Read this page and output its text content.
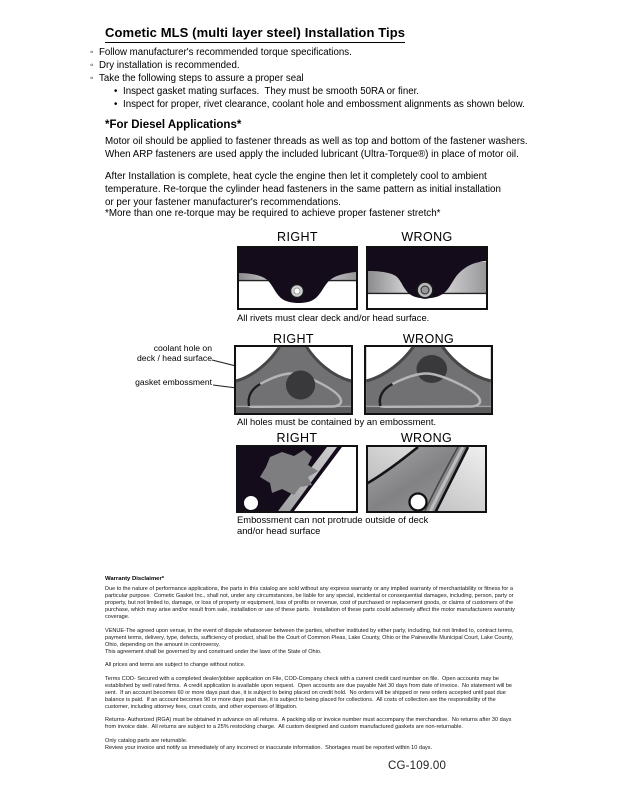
Cometic MLS (multi layer steel) Installation Tips
◦ Follow manufacturer's recommended torque specifications.
◦ Dry installation is recommended.
◦ Take the following steps to assure a proper seal
• Inspect gasket mating surfaces.  They must be smooth 50RA or finer.
• Inspect for proper, rivet clearance, coolant hole and embossment alignments as shown below.
*For Diesel Applications*
Motor oil should be applied to fastener threads as well as top and bottom of the fastener washers.
When ARP fasteners are used apply the included lubricant (Ultra-Torque®) in place of motor oil.
After Installation is complete, heat cycle the engine then let it completely cool to ambient
temperature. Re-torque the cylinder head fasteners in the same pattern as initial installation
or per your fastener manufacturer's recommendations.
*More than one re-torque may be required to achieve proper fastener stretch*
RIGHT	WRONG
All rivets must clear deck and/or head surface.
RIGHT	WRONG
coolant hole on
deck / head surface
gasket embossment
All holes must be contained by an embossment.
RIGHT	WRONG
Embossment can not protrude outside of deck
and/or head surface
Warranty Disclaimer*

Due to the nature of performance applications, the parts in this catalog are sold without any express warranty or any implied warranty of merchantability or fitness for a particular purpose.  Cometic Gasket Inc., shall not, under any circumstances, be liable for any special, incidental or consequential damages, including, person, party or property, but not limited to, damage, or loss of property or equipment, loss of profits or revenue, cost of purchased or replacement goods, or claims of customers of the purchase, which may arise and/or result from sale, installation or use of these parts.  Installation of these parts could adversely affect the motor manufacturers warranty coverage.

VENUE-The agreed upon venue, in the event of dispute whatsoever between the parties, whether instituted by either party, including, but not limited to, contract terms, payment terms, delivery, type, defects, sufficiency of product, shall be the Court of Common Pleas, Lake County, Ohio or the Painesville Municipal Court, Lake County, Ohio, depending on the amount in controversy.
This agreement shall be governed by and construed under the laws of the State of Ohio.

All prices and terms are subject to change without notice.

Terms COD- Secured with a completed dealer/jobber application on File, COD-Company check with a current credit card number on file.  Open accounts may be established by well rated firms.  A credit application is available upon request.  Open accounts are due payable Net 30 days from date of invoice.  No statement will be sent.  If an account becomes 60 or more days past due, it is subject to being placed on credit hold.  No orders will be shipped or new orders accepted until past due balance is paid.  If an account becomes 90 or more days past due, it is subject to being placed for collections.  All costs of collection are the responsibility of the customer, including attorney fees, court costs, and other expenses of litigation.

Returns- Authorized (RGA) must be obtained in advance on all returns.  A packing slip or invoice number must accompany the merchandise.  No returns after 30 days from invoice date.  All returns are subject to a 25% restocking charge.  All custom designed and custom manufactured gaskets are non-returnable.

Only catalog parts are returnable.
Review your invoice and notify us immediately of any incorrect or inaccurate information.  Shortages must be reported within 10 days.

CG-109.00
